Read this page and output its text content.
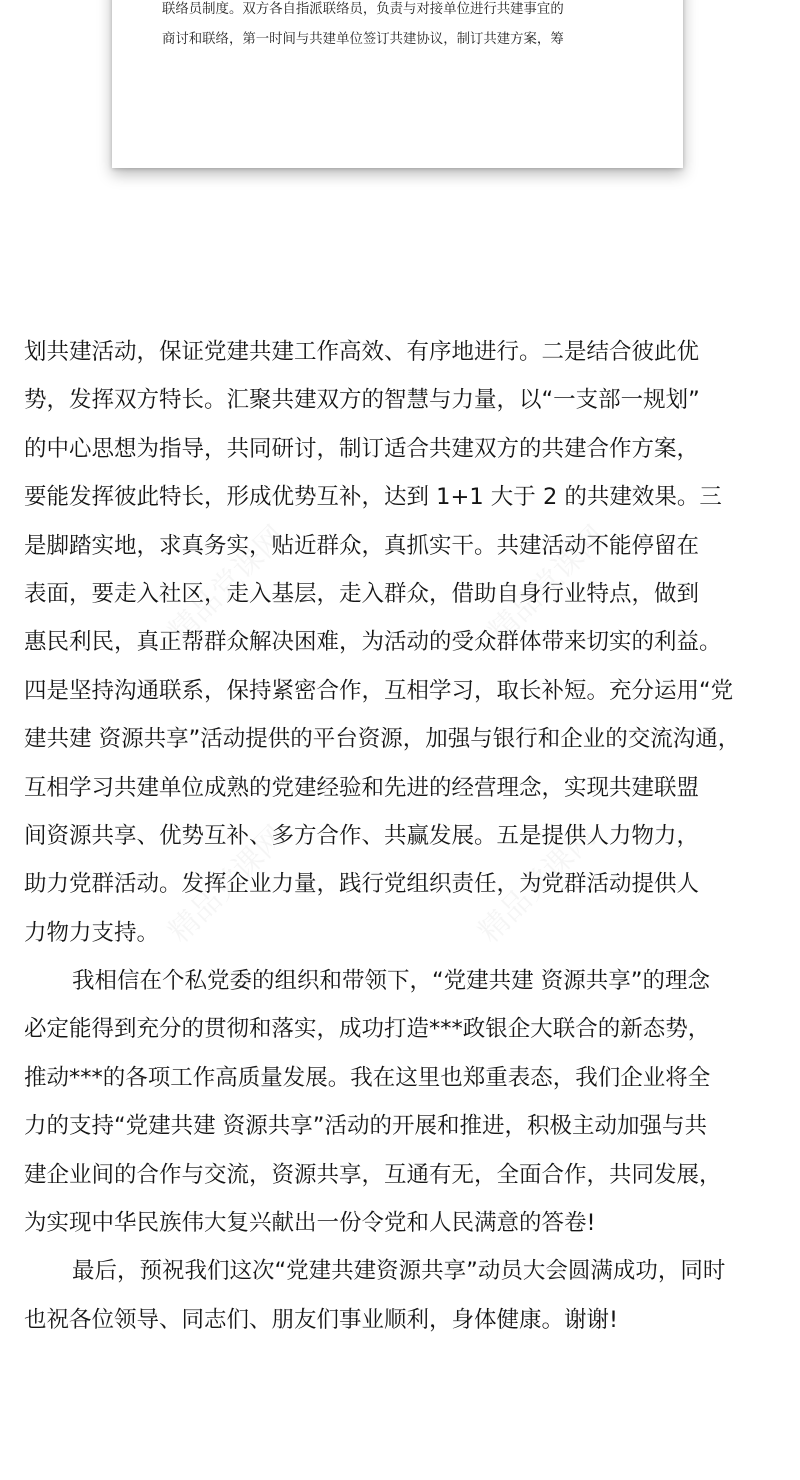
联络员制度。双方各自指派联络员，负责与对接单位进行共建事宜的
商讨和联络，第一时间与共建单位签订共建协议，制订共建方案，筹
精品党课网	精品党课网
精品党课网	精品党课网
划共建活动，保证党建共建工作高效、有序地进行。二是结合彼此优
势，发挥双方特长。汇聚共建双方的智慧与力量，以“一支部一规划”
的中心思想为指导，共同研讨，制订适合共建双方的共建合作方案，
要能发挥彼此特长，形成优势互补，达到 1+1 大于 2 的共建效果。三
是脚踏实地，求真务实，贴近群众，真抓实干。共建活动不能停留在
表面，要走入社区，走入基层，走入群众，借助自身行业特点，做到
惠民利民，真正帮群众解决困难，为活动的受众群体带来切实的利益。
四是坚持沟通联系，保持紧密合作，互相学习，取长补短。充分运用“党
建共建 资源共享”活动提供的平台资源，加强与银行和企业的交流沟通，
互相学习共建单位成熟的党建经验和先进的经营理念，实现共建联盟
间资源共享、优势互补、多方合作、共赢发展。五是提供人力物力，
助力党群活动。发挥企业力量，践行党组织责任，为党群活动提供人
力物力支持。
我相信在个私党委的组织和带领下，“党建共建 资源共享”的理念
必定能得到充分的贯彻和落实，成功打造***政银企大联合的新态势，
推动***的各项工作高质量发展。我在这里也郑重表态，我们企业将全
力的支持“党建共建 资源共享”活动的开展和推进，积极主动加强与共
建企业间的合作与交流，资源共享，互通有无，全面合作，共同发展，
为实现中华民族伟大复兴献出一份令党和人民满意的答卷!
最后，预祝我们这次“党建共建资源共享”动员大会圆满成功，同时
也祝各位领导、同志们、朋友们事业顺利，身体健康。谢谢!
